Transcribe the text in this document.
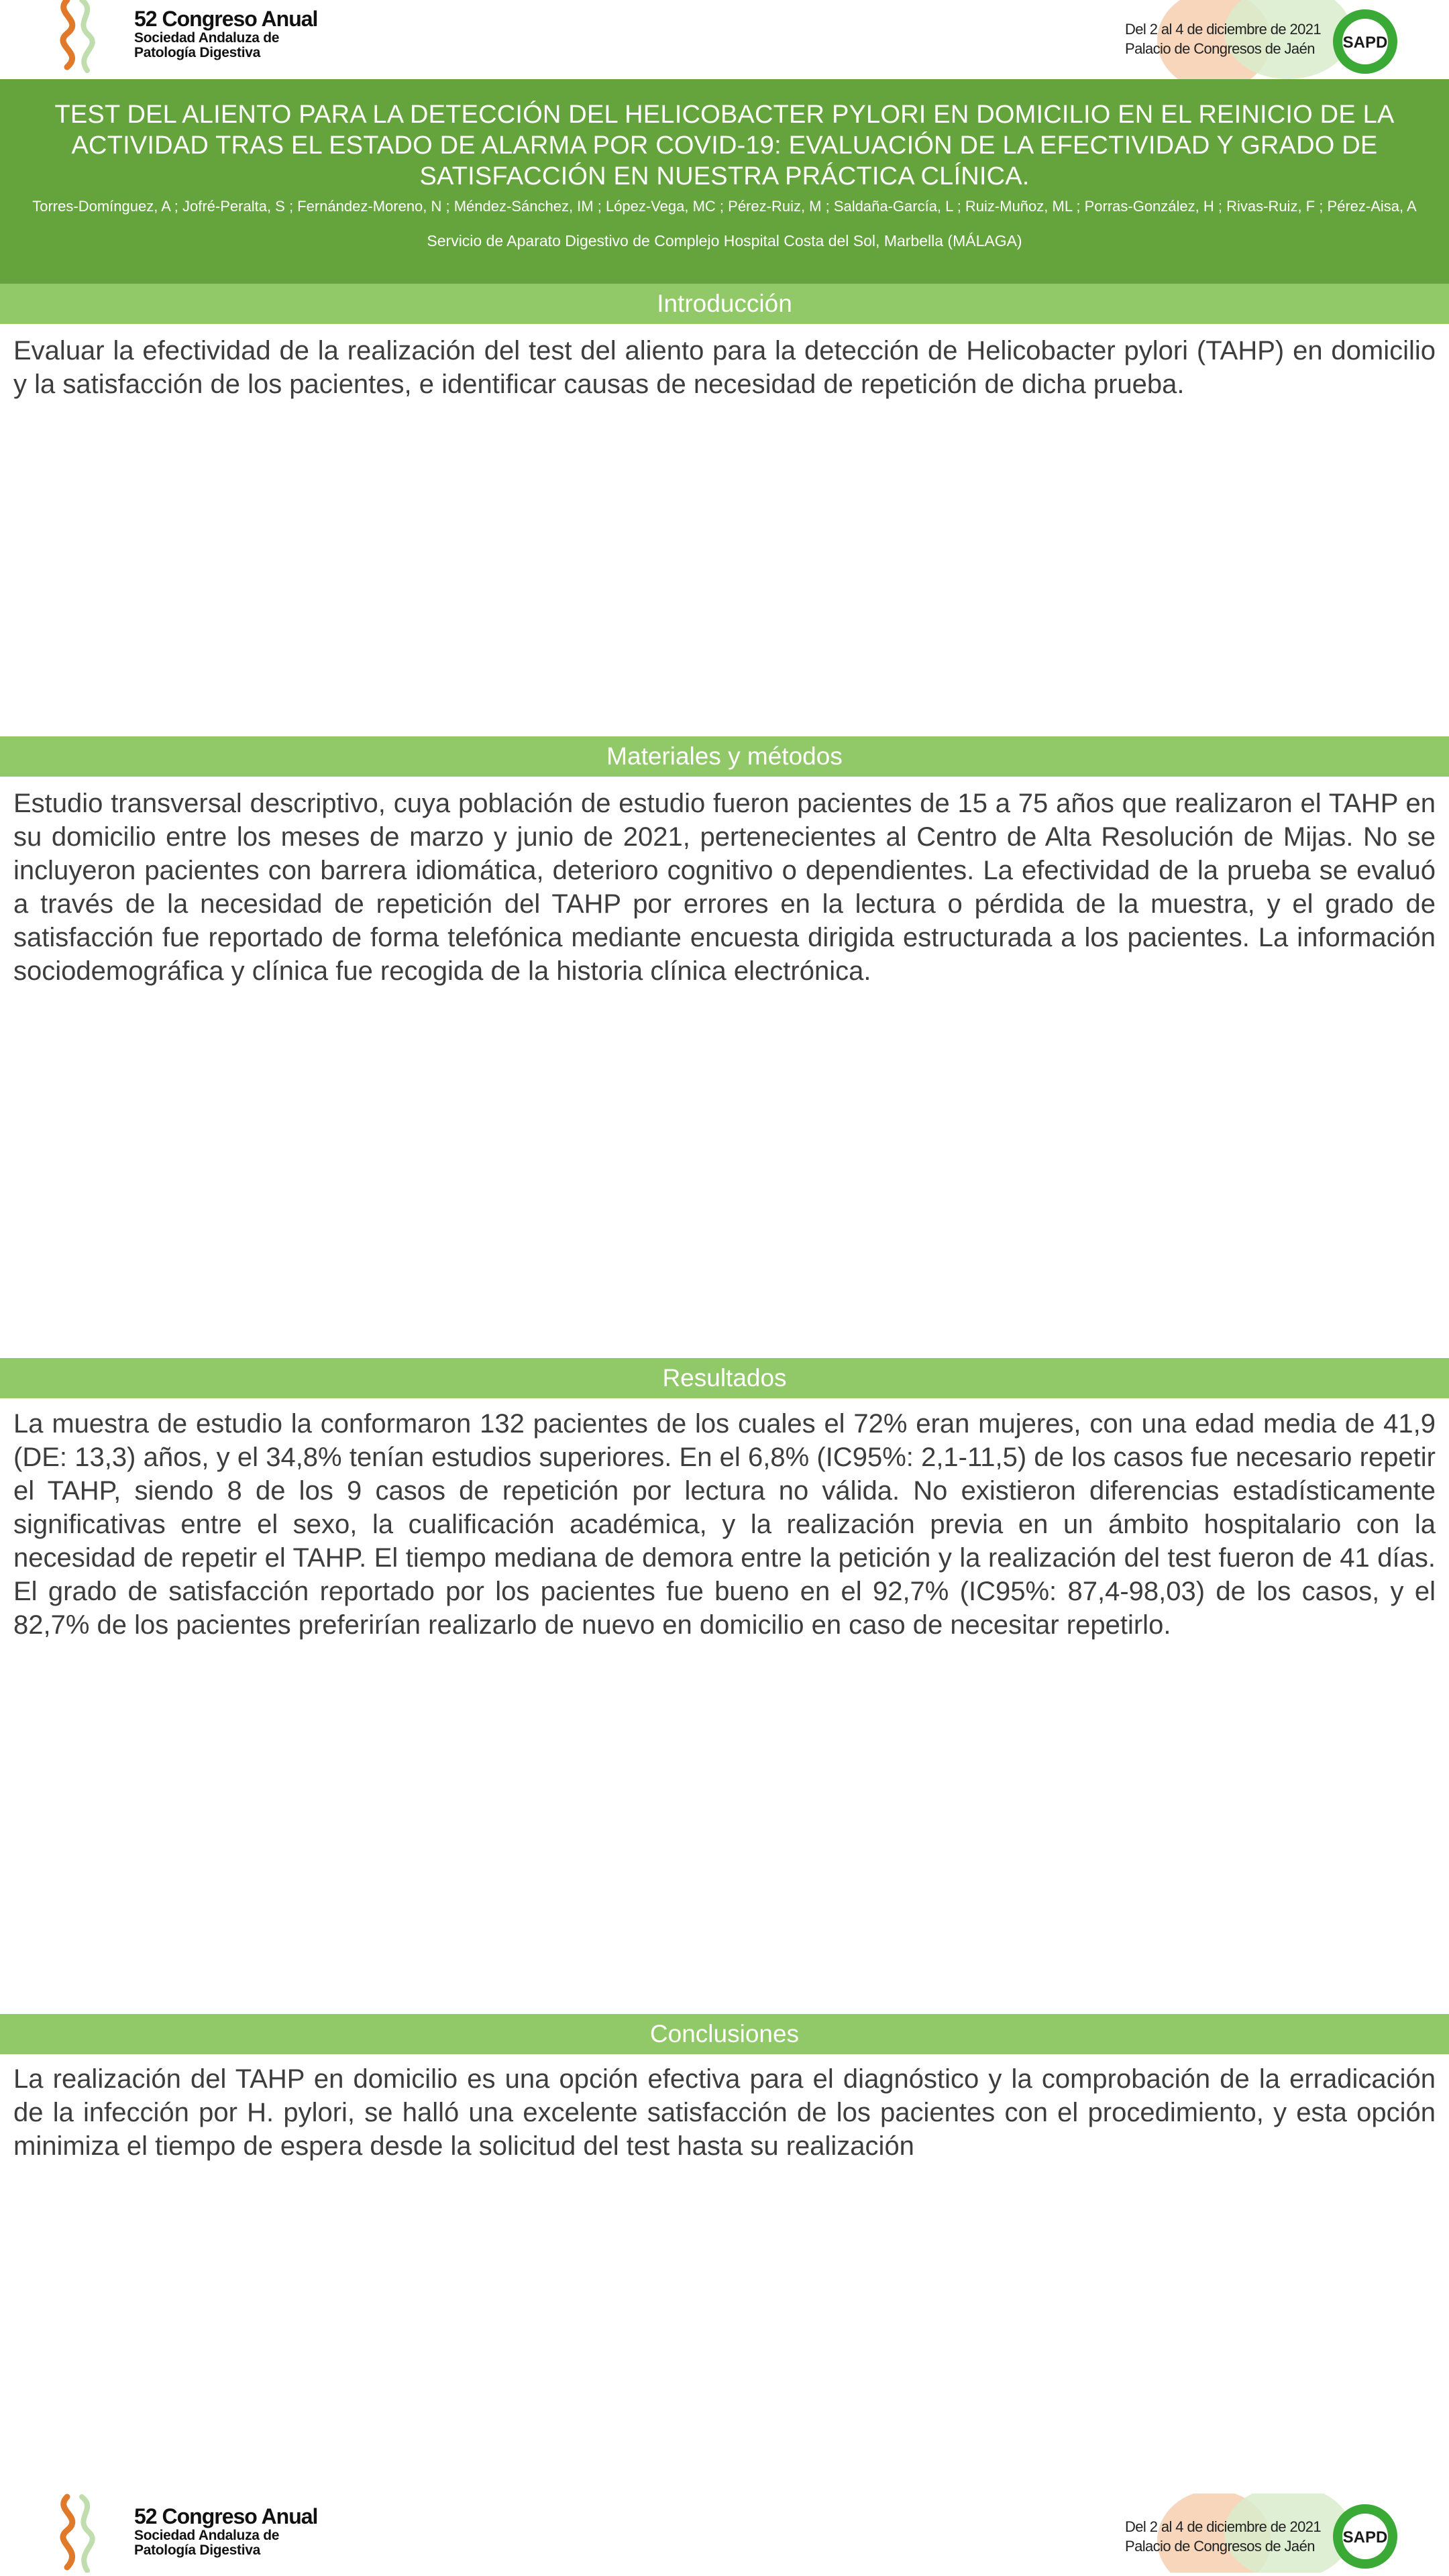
52 Congreso Anual
Sociedad Andaluza de
Patología Digestiva
Del 2 al 4 de diciembre de 2021
Palacio de Congresos de Jaén	SAPD
TEST DEL ALIENTO PARA LA DETECCIÓN DEL HELICOBACTER PYLORI EN DOMICILIO EN EL REINICIO DE LA ACTIVIDAD TRAS EL ESTADO DE ALARMA POR COVID-19: EVALUACIÓN DE LA EFECTIVIDAD Y GRADO DE SATISFACCIÓN EN NUESTRA PRÁCTICA CLÍNICA.
Torres-Domínguez, A ; Jofré-Peralta, S ; Fernández-Moreno, N ; Méndez-Sánchez, IM ; López-Vega, MC ; Pérez-Ruiz, M ; Saldaña-García, L ; Ruiz-Muñoz, ML ; Porras-González, H ; Rivas-Ruiz, F ; Pérez-Aisa, A
Servicio de Aparato Digestivo de Complejo Hospital Costa del Sol, Marbella (MÁLAGA)
Introducción
Evaluar la efectividad de la realización del test del aliento para la detección de Helicobacter pylori (TAHP) en domicilio y la satisfacción de los pacientes, e identificar causas de necesidad de repetición de dicha prueba.
Materiales y métodos
Estudio transversal descriptivo, cuya población de estudio fueron pacientes de 15 a 75 años que realizaron el TAHP en su domicilio entre los meses de marzo y junio de 2021, pertenecientes al Centro de Alta Resolución de Mijas. No se incluyeron pacientes con barrera idiomática, deterioro cognitivo o dependientes. La efectividad de la prueba se evaluó a través de la necesidad de repetición del TAHP por errores en la lectura o pérdida de la muestra, y el grado de satisfacción fue reportado de forma telefónica mediante encuesta dirigida estructurada a los pacientes. La información sociodemográfica y clínica fue recogida de la historia clínica electrónica.
Resultados
La muestra de estudio la conformaron 132 pacientes de los cuales el 72% eran mujeres, con una edad media de 41,9 (DE: 13,3) años, y el 34,8% tenían estudios superiores. En el 6,8% (IC95%: 2,1-11,5) de los casos fue necesario repetir el TAHP, siendo 8 de los 9 casos de repetición por lectura no válida. No existieron diferencias estadísticamente significativas entre el sexo, la cualificación académica, y la realización previa en un ámbito hospitalario con la necesidad de repetir el TAHP. El tiempo mediana de demora entre la petición y la realización del test fueron de 41 días. El grado de satisfacción reportado por los pacientes fue bueno en el 92,7% (IC95%: 87,4-98,03) de los casos, y el 82,7% de los pacientes preferirían realizarlo de nuevo en domicilio en caso de necesitar repetirlo.
Conclusiones
La realización del TAHP en domicilio es una opción efectiva para el diagnóstico y la comprobación de la erradicación de la infección por H. pylori, se halló una excelente satisfacción de los pacientes con el procedimiento, y esta opción minimiza el tiempo de espera desde la solicitud del test hasta su realización
52 Congreso Anual
Sociedad Andaluza de
Patología Digestiva
Del 2 al 4 de diciembre de 2021
Palacio de Congresos de Jaén	SAPD
